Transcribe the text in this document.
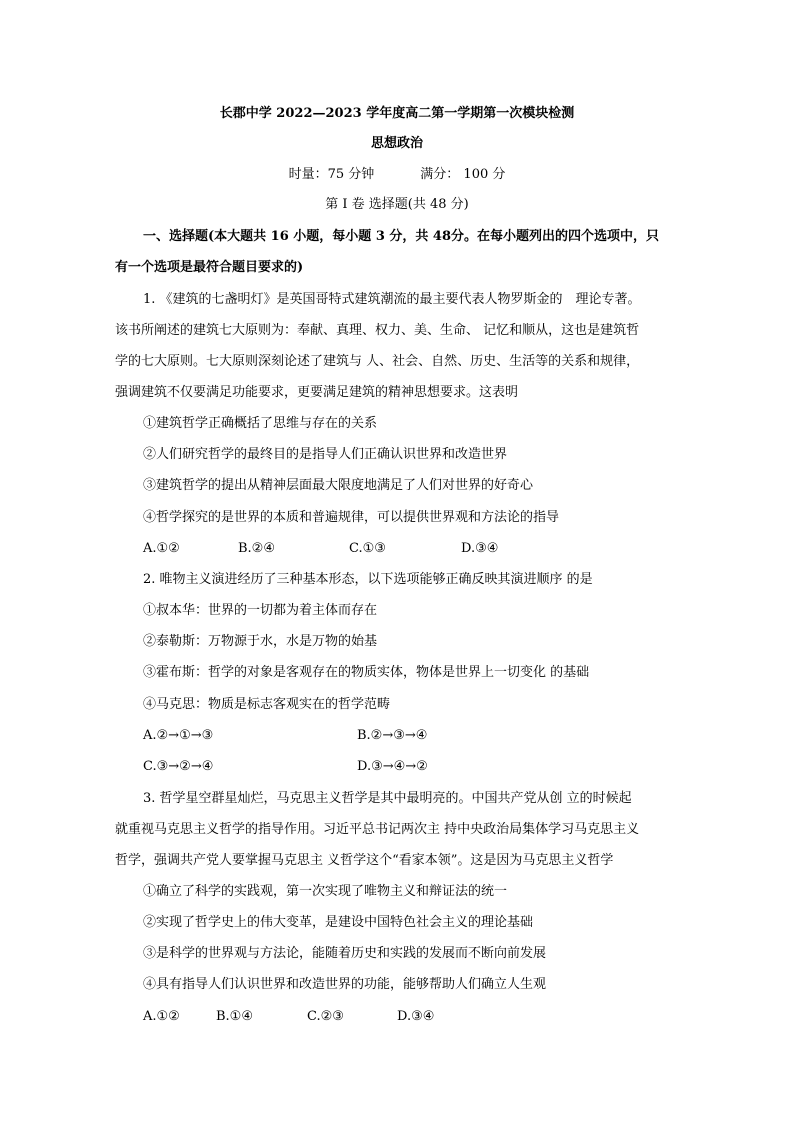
长郡中学 2022—2023 学年度高二第一学期第一次模块检测
思想政治
时量：75 分钟	满分： 100 分
第 I 卷 选择题(共 48 分)
一、选择题(本大题共 16 小题，每小题 3 分，共 48分。在每小题列出的四个选项中，只
有一个选项是最符合题目要求的)
1. 《建筑的七盏明灯》是英国哥特式建筑潮流的最主要代表人物罗斯金的　理论专著。
该书所阐述的建筑七大原则为：奉献、真理、权力、美、生命、 记忆和顺从，这也是建筑哲
学的七大原则。七大原则深刻论述了建筑与 人、社会、自然、历史、生活等的关系和规律，
强调建筑不仅要满足功能要求，更要满足建筑的精神思想要求。这表明
①建筑哲学正确概括了思维与存在的关系
②人们研究哲学的最终目的是指导人们正确认识世界和改造世界
③建筑哲学的提出从精神层面最大限度地满足了人们对世界的好奇心
④哲学探究的是世界的本质和普遍规律，可以提供世界观和方法论的指导
A.①②	B.②④	C.①③	D.③④
2. 唯物主义演进经历了三种基本形态，以下选项能够正确反映其演进顺序 的是
①叔本华：世界的一切都为着主体而存在
②泰勒斯：万物源于水，水是万物的始基
③霍布斯：哲学的对象是客观存在的物质实体，物体是世界上一切变化 的基础
④马克思：物质是标志客观实在的哲学范畴
A.②→①→③	B.②→③→④
C.③→②→④	D.③→④→②
3. 哲学星空群星灿烂，马克思主义哲学是其中最明亮的。中国共产党从创 立的时候起
就重视马克思主义哲学的指导作用。习近平总书记两次主 持中央政治局集体学习马克思主义
哲学，强调共产党人要掌握马克思主 义哲学这个“看家本领”。这是因为马克思主义哲学
①确立了科学的实践观，第一次实现了唯物主义和辩证法的统一
②实现了哲学史上的伟大变革，是建设中国特色社会主义的理论基础
③是科学的世界观与方法论，能随着历史和实践的发展而不断向前发展
④具有指导人们认识世界和改造世界的功能，能够帮助人们确立人生观
A.①②	B.①④	C.②③	D.③④
